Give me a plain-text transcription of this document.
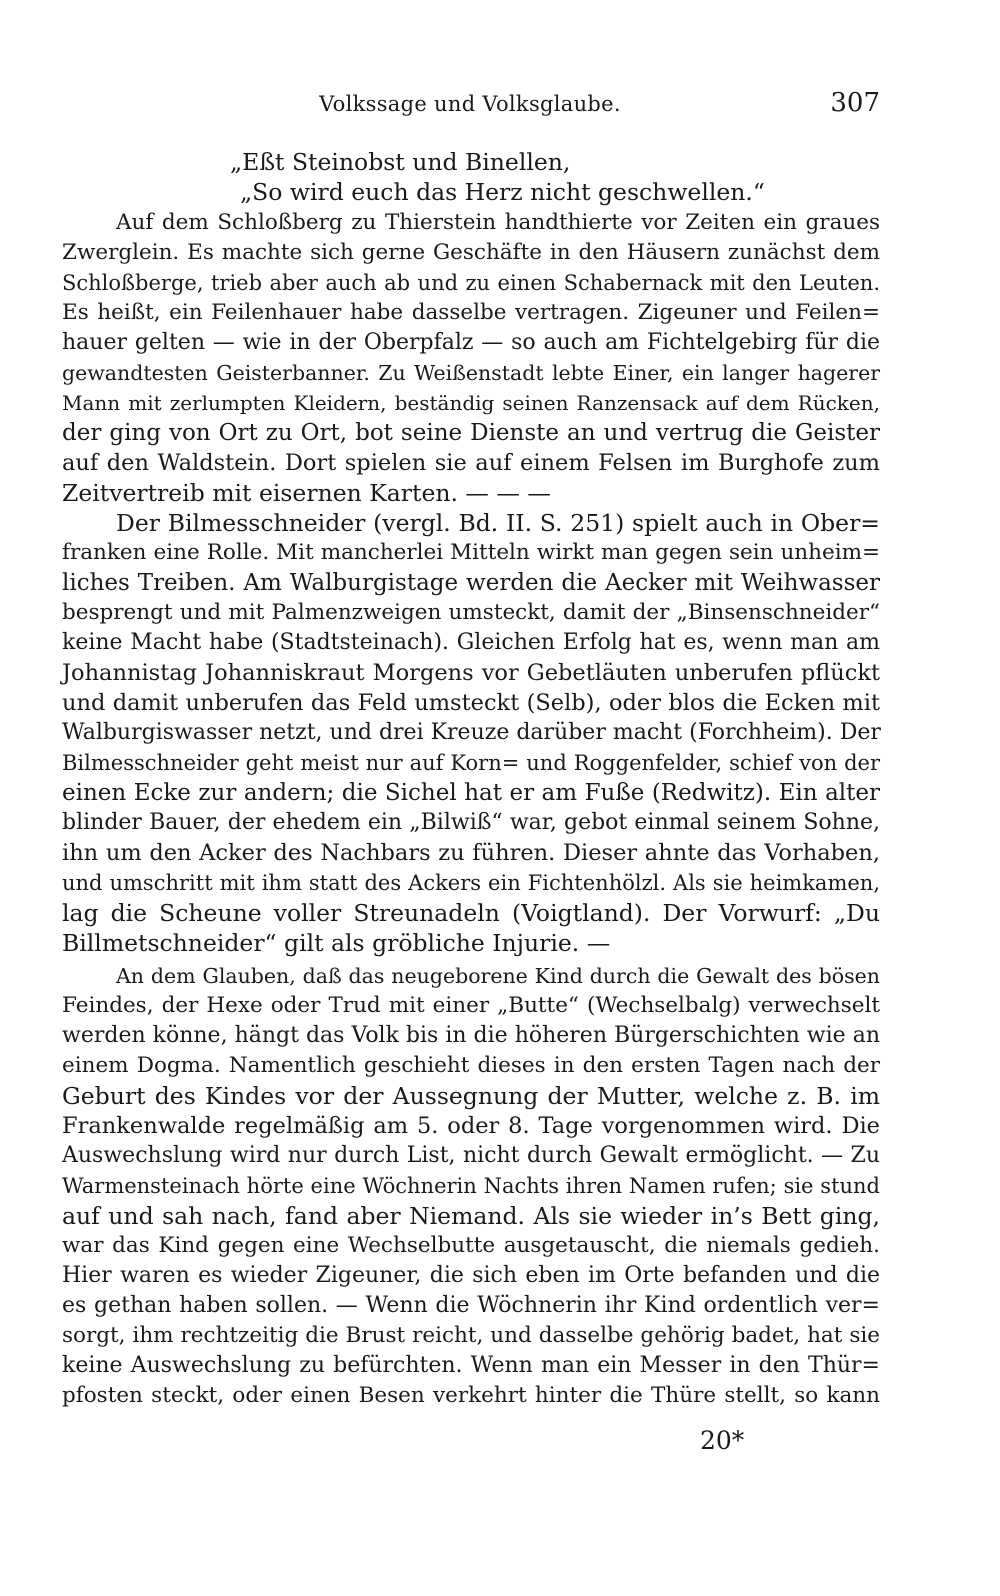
Volkssage und Volksglaube.	307
„Eßt Steinobst und Binellen,
„So wird euch das Herz nicht geschwellen.“
Auf dem Schloßberg zu Thierstein handthierte vor Zeiten ein graues
Zwerglein. Es machte sich gerne Geschäfte in den Häusern zunächst dem
Schloßberge, trieb aber auch ab und zu einen Schabernack mit den Leuten.
Es heißt, ein Feilenhauer habe dasselbe vertragen. Zigeuner und Feilen=
hauer gelten — wie in der Oberpfalz — so auch am Fichtelgebirg für die
gewandtesten Geisterbanner. Zu Weißenstadt lebte Einer, ein langer hagerer
Mann mit zerlumpten Kleidern, beständig seinen Ranzensack auf dem Rücken,
der ging von Ort zu Ort, bot seine Dienste an und vertrug die Geister
auf den Waldstein. Dort spielen sie auf einem Felsen im Burghofe zum
Zeitvertreib mit eisernen Karten. — — —
Der Bilmesschneider (vergl. Bd. II. S. 251) spielt auch in Ober=
franken eine Rolle. Mit mancherlei Mitteln wirkt man gegen sein unheim=
liches Treiben. Am Walburgistage werden die Aecker mit Weihwasser
besprengt und mit Palmenzweigen umsteckt, damit der „Binsenschneider“
keine Macht habe (Stadtsteinach). Gleichen Erfolg hat es, wenn man am
Johannistag Johanniskraut Morgens vor Gebetläuten unberufen pflückt
und damit unberufen das Feld umsteckt (Selb), oder blos die Ecken mit
Walburgiswasser netzt, und drei Kreuze darüber macht (Forchheim). Der
Bilmesschneider geht meist nur auf Korn= und Roggenfelder, schief von der
einen Ecke zur andern; die Sichel hat er am Fuße (Redwitz). Ein alter
blinder Bauer, der ehedem ein „Bilwiß“ war, gebot einmal seinem Sohne,
ihn um den Acker des Nachbars zu führen. Dieser ahnte das Vorhaben,
und umschritt mit ihm statt des Ackers ein Fichtenhölzl. Als sie heimkamen,
lag die Scheune voller Streunadeln (Voigtland). Der Vorwurf: „Du
Billmetschneider“ gilt als gröbliche Injurie. —
An dem Glauben, daß das neugeborene Kind durch die Gewalt des bösen
Feindes, der Hexe oder Trud mit einer „Butte“ (Wechselbalg) verwechselt
werden könne, hängt das Volk bis in die höheren Bürgerschichten wie an
einem Dogma. Namentlich geschieht dieses in den ersten Tagen nach der
Geburt des Kindes vor der Aussegnung der Mutter, welche z. B. im
Frankenwalde regelmäßig am 5. oder 8. Tage vorgenommen wird. Die
Auswechslung wird nur durch List, nicht durch Gewalt ermöglicht. — Zu
Warmensteinach hörte eine Wöchnerin Nachts ihren Namen rufen; sie stund
auf und sah nach, fand aber Niemand. Als sie wieder in’s Bett ging,
war das Kind gegen eine Wechselbutte ausgetauscht, die niemals gedieh.
Hier waren es wieder Zigeuner, die sich eben im Orte befanden und die
es gethan haben sollen. — Wenn die Wöchnerin ihr Kind ordentlich ver=
sorgt, ihm rechtzeitig die Brust reicht, und dasselbe gehörig badet, hat sie
keine Auswechslung zu befürchten. Wenn man ein Messer in den Thür=
pfosten steckt, oder einen Besen verkehrt hinter die Thüre stellt, so kann
20*
